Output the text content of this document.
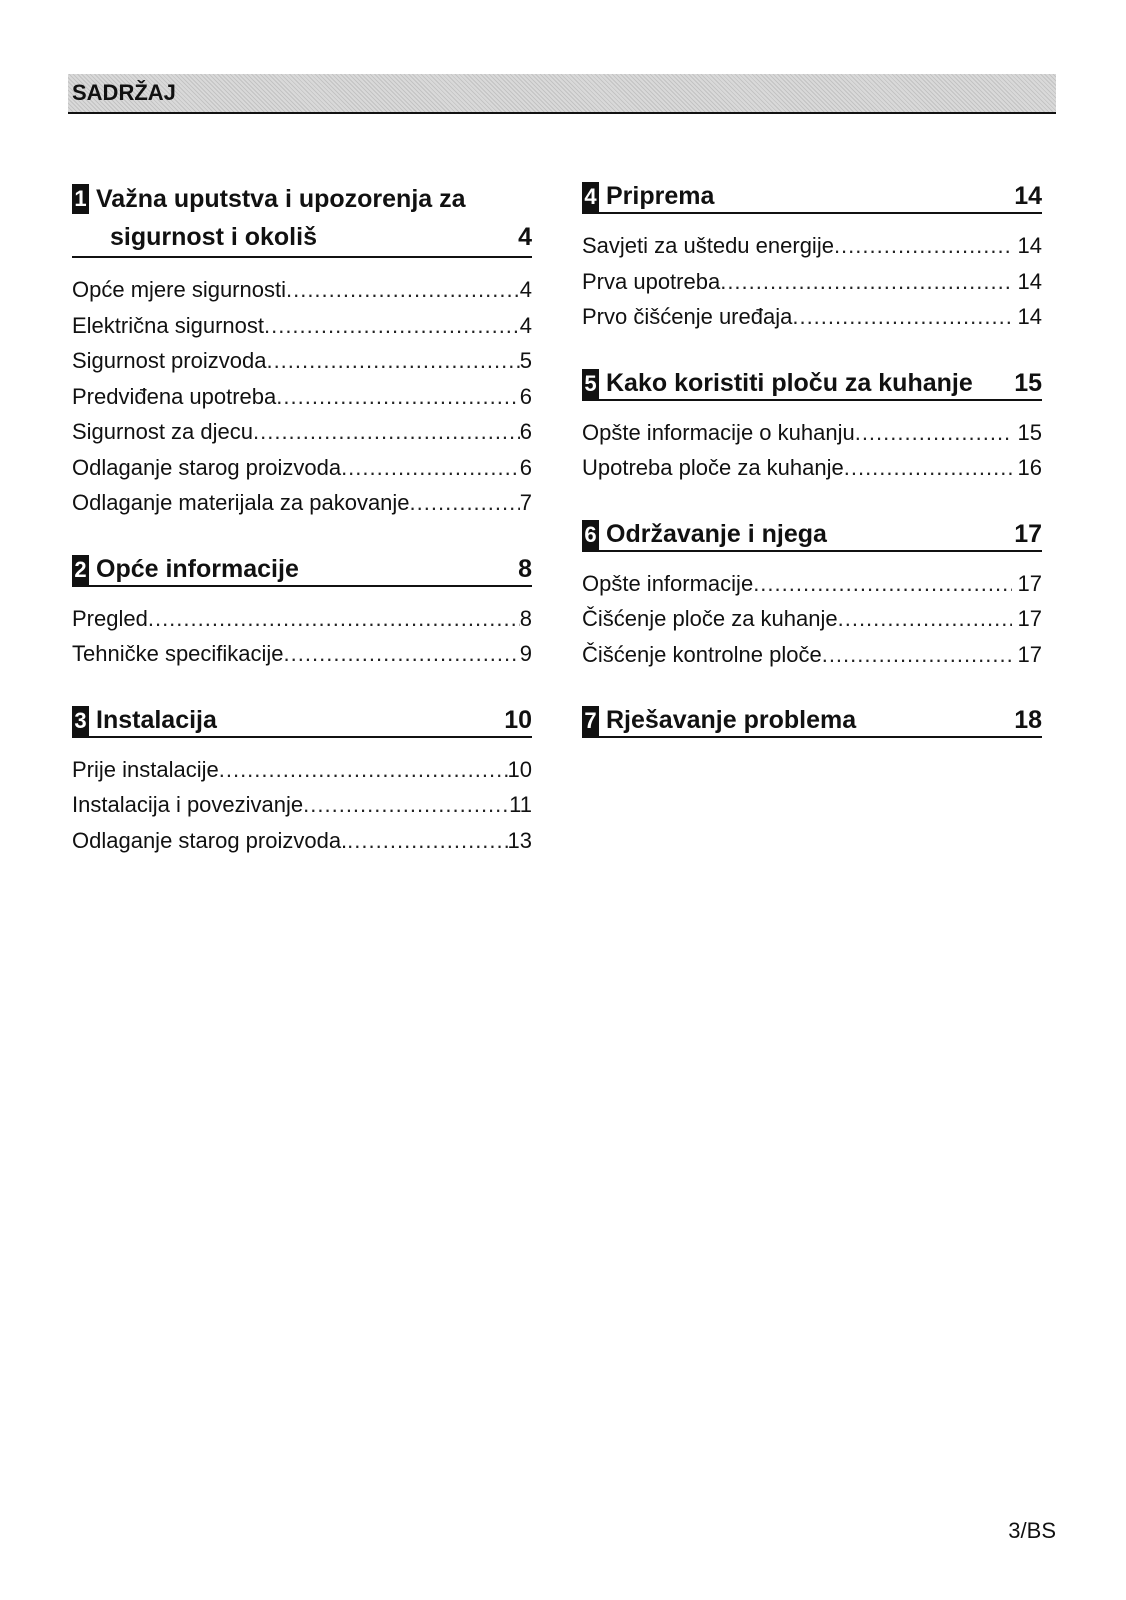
SADRŽAJ
1 Važna uputstva i upozorenja za
sigurnost i okoliš	4
Opće mjere sigurnosti .....	4
Električna sigurnost .....	4
Sigurnost proizvoda .....	5
Predviđena upotreba .....	6
Sigurnost za djecu .....	6
Odlaganje starog proizvoda .....	6
Odlaganje materijala za pakovanje .....	7
2 Opće informacije	8
Pregled .....	8
Tehničke specifikacije .....	9
3 Instalacija	10
Prije instalacije .....	10
Instalacija i povezivanje .....	11
Odlaganje starog proizvoda. .....	13
4 Priprema	14
Savjeti za uštedu energije .....	14
Prva upotreba .....	14
Prvo čišćenje uređaja .....	14
5 Kako koristiti ploču za kuhanje	15
Opšte informacije o kuhanju .....	15
Upotreba ploče za kuhanje .....	16
6 Održavanje i njega	17
Opšte informacije .....	17
Čišćenje ploče za kuhanje .....	17
Čišćenje kontrolne ploče .....	17
7 Rješavanje problema	18
3/BS
